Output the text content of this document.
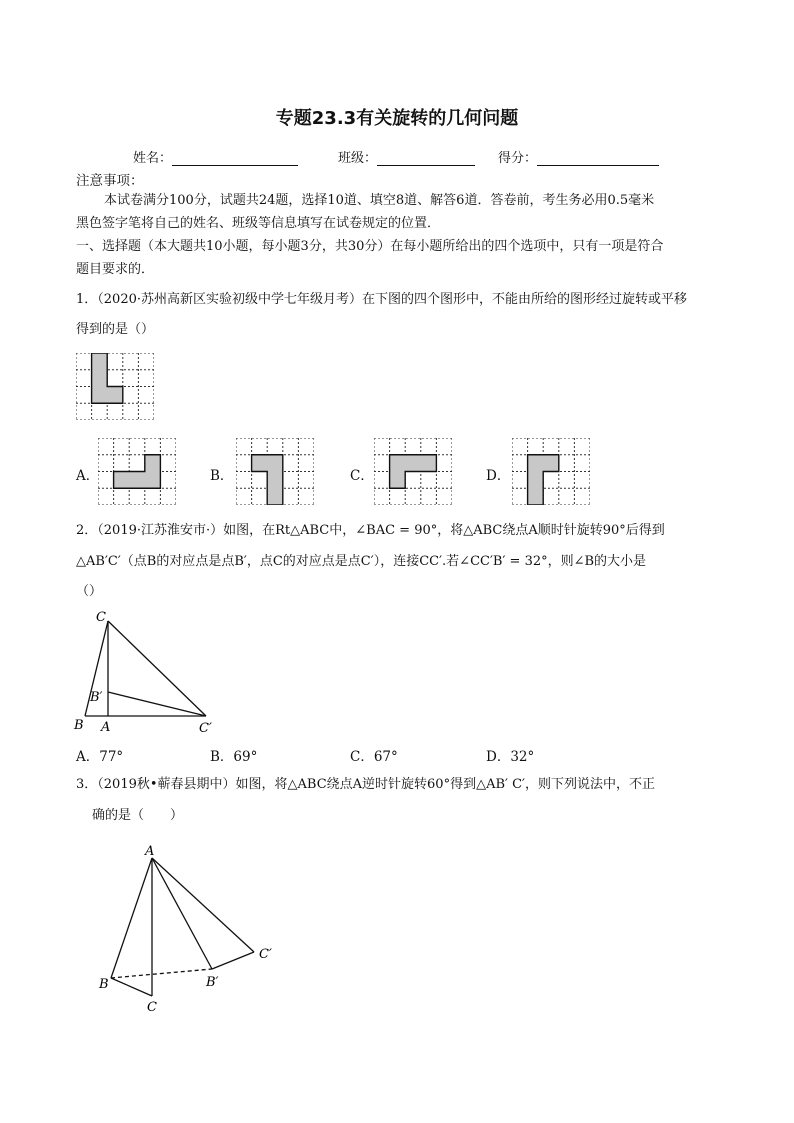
专题23.3有关旋转的几何问题
姓名：	班级：	得分：
注意事项：
本试卷满分100分，试题共24题，选择10道、填空8道、解答6道．答卷前，考生务必用0.5毫米
黑色签字笔将自己的姓名、班级等信息填写在试卷规定的位置．
一、选择题（本大题共10小题，每小题3分，共30分）在每小题所给出的四个选项中，只有一项是符合
题目要求的．
1．（2020·苏州高新区实验初级中学七年级月考）在下图的四个图形中，不能由所给的图形经过旋转或平移
得到的是（）
A．	B．	C．	D．
2．（2019·江苏淮安市·）如图，在Rt△ABC中，∠BAC = 90°，将△ABC绕点A顺时针旋转90°后得到
△AB′C′（点B的对应点是点B′，点C的对应点是点C′），连接CC′.若∠CC′B′ = 32°，则∠B的大小是
（）
C
B′
B A	C′
A．77°	B．69°	C．67°	D．32°
3．（2019秋•蕲春县期中）如图，将△ABC绕点A逆时针旋转60°得到△AB′ C′，则下列说法中，不正
确的是（　　）
A
B
C
B′
C′
